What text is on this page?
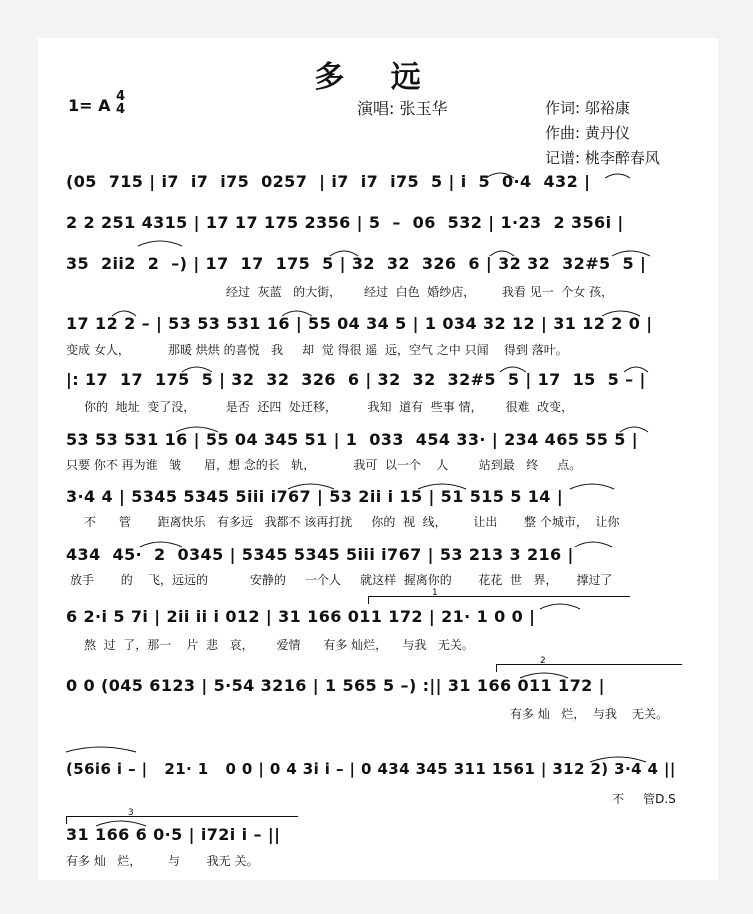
多 远
1= A 4
4	演唱: 张玉华	作词: 邬裕康
作曲: 黄丹仪
记谱: 桃李醉春风
(05  715 | i7  i7  i75  0257  | i7  i7  i75  5 | i  5  0·4  432 |
2 2 251 4315 | 17 17 175 2356 | 5  –  06  532 | 1·23  2 356i |
35  2ii2  2  –) | 17  17  175  5 | 32  32  326  6 | 32 32  32#5  5 |
经过  灰蓝   的大街，      经过  白色  婚纱店，       我看 见一  个女 孩，
17 12 2 – | 53 53 531 16 | 55 04 34 5 | 1 034 32 12 | 31 12 2 0 |
变成 女人，          那暖 烘烘 的喜悦   我     却  觉 得很 遥  远，空气 之中 只闻    得到 落叶。
|: 17  17  175  5 | 32  32  326  6 | 32  32  32#5  5 | 17  15  5 – |
你的  地址  变了没，        是否  还四  处迁移，        我知  道有  些事 情，      很难  改变，
53 53 531 16 | 55 04 345 51 | 1  033  454 33· | 234 465 55 5 |
只要 你不 再为谁   皱      眉，想 念的长   轨，          我可  以一个    人        站到最   终     点。
3·4 4 | 5345 5345 5iii i767 | 53 2ii i 15 | 51 515 5 14 |
不      管       距离快乐   有多远   我都不 该再打扰     你的  视  线，       让出       整 个城市，  让你
434  45·  2  0345 | 5345 5345 5iii i767 | 53 213 3 216 |
放手       的    飞，远远的           安静的     一个人     就这样  握离你的       花花  世   界，     撑过了
6 2·i 5 7i | 2ii ii i 012 | 31 166 011 172 | 21· 1 0 0 |
熬  过  了，那一    片  悲   哀，      爱情      有多 灿烂，    与我   无关。
0 0 (045 6123 | 5·54 3216 | 1 565 5 –) :|| 31 166 011 172 |
有多 灿   烂，  与我    无关。
(56i6 i – |   21· 1   0 0 | 0 4 3i i – | 0 434 345 311 1561 | 312 2) 3·4 4 ||
不     管D.S
31 166 6 0·5 | i72i i – ||
有多 灿   烂，       与       我无 关。
1
2
3
